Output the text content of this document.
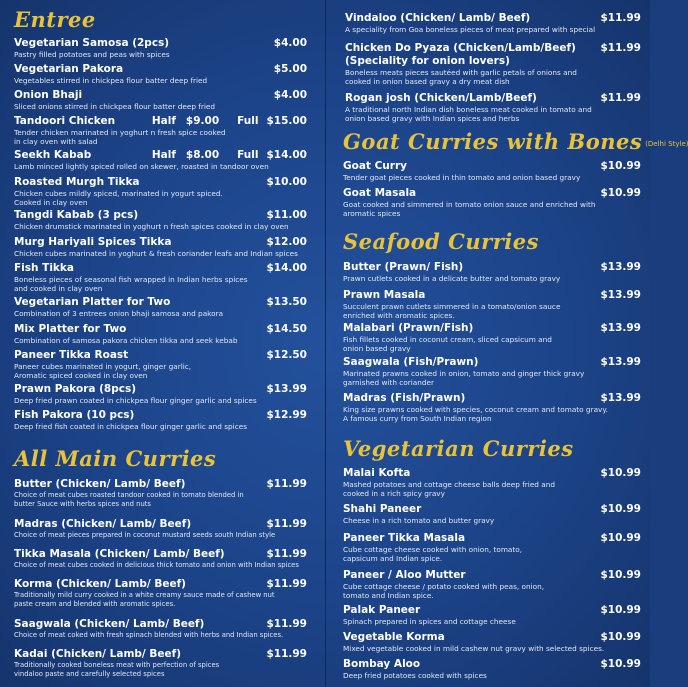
Entree
Vegetarian Samosa (2pcs)	$4.00
Pastry filled potatoes and peas with spices
Vegetarian Pakora	$5.00
Vegetables stirred in chickpea flour batter deep fried
Onion Bhaji	$4.00
Sliced onions stirred in chickpea flour batter deep fried
Tandoori Chicken	Half $9.00 Full $15.00
Tender chicken marinated in yoghurt n fresh spice cooked
in clay oven with salad
Seekh Kabab	Half $8.00 Full $14.00
Lamb minced lightly spiced rolled on skewer, roasted in tandoor oven
Roasted Murgh Tikka	$10.00
Chicken cubes mildly spiced, marinated in yogurt spiced.
Cooked in clay oven
Tangdi Kabab (3 pcs)	$11.00
Chicken drumstick marinated in yoghurt n fresh spices cooked in clay oven
Murg Hariyali Spices Tikka	$12.00
Chicken cubes marinated in yoghurt & fresh coriander leafs and Indian spices
Fish Tikka	$14.00
Boneless pieces of seasonal fish wrapped in Indian herbs spices
and cooked in clay oven
Vegetarian Platter for Two	$13.50
Combination of 3 entrees onion bhaji samosa and pakora
Mix Platter for Two	$14.50
Combination of samosa pakora chicken tikka and seek kebab
Paneer Tikka Roast	$12.50
Paneer cubes marinated in yogurt, ginger garlic,
Aromatic spiced cooked in clay oven
Prawn Pakora (8pcs)	$13.99
Deep fried prawn coated in chickpea flour ginger garlic and spices
Fish Pakora (10 pcs)	$12.99
Deep fried fish coated in chickpea flour ginger garlic and spices
All Main Curries
Butter (Chicken/ Lamb/ Beef)	$11.99
Choice of meat cubes roasted tandoor cooked in tomato blended in
butter Sauce with herbs spices and nuts
Madras (Chicken/ Lamb/ Beef)	$11.99
Choice of meat pieces prepared in coconut mustard seeds south Indian style
Tikka Masala (Chicken/ Lamb/ Beef)	$11.99
Choice of meat cubes cooked in delicious thick tomato and onion with Indian spices
Korma (Chicken/ Lamb/ Beef)	$11.99
Traditionally mild curry cooked in a white creamy sauce made of cashew nut
paste cream and blended with aromatic spices.
Saagwala (Chicken/ Lamb/ Beef)	$11.99
Choice of meat coked with fresh spinach blended with herbs and Indian spices.
Kadai (Chicken/ Lamb/ Beef)	$11.99
Traditionally cooked boneless meat with perfection of spices
vindaloo paste and carefully selected spices
Vindaloo (Chicken/ Lamb/ Beef)	$11.99
A speciality from Goa boneless pieces of meat prepared with special
Chicken Do Pyaza (Chicken/Lamb/Beef)	$11.99
(Speciality for onion lovers)
Boneless meats pieces sautéed with garlic petals of onions and
cooked in onion based gravy a dry meat dish
Rogan josh (Chicken/Lamb/Beef)	$11.99
A traditional north Indian dish boneless meat cooked in tomato and
onion based gravy with Indian spices and herbs
Goat Curries with Bones (Delhi Style)
Goat Curry	$10.99
Tender goat pieces cooked in thin tomato and onion based gravy
Goat Masala	$10.99
Goat cooked and simmered in tomato onion sauce and enriched with
aromatic spices
Seafood Curries
Butter (Prawn/ Fish)	$13.99
Prawn cutlets cooked in a delicate butter and tomato gravy
Prawn Masala	$13.99
Succulent prawn cutlets simmered in a tomato/onion sauce
enriched with aromatic spices.
Malabari (Prawn/Fish)	$13.99
Fish fillets cooked in coconut cream, sliced capsicum and
onion based gravy
Saagwala (Fish/Prawn)	$13.99
Marinated prawns cooked in onion, tomato and ginger thick gravy
garnished with coriander
Madras (Fish/Prawn)	$13.99
King size prawns cooked with species, coconut cream and tomato gravy.
A famous curry from South Indian region
Vegetarian Curries
Malai Kofta	$10.99
Mashed potatoes and cottage cheese balls deep fried and
cooked in a rich spicy gravy
Shahi Paneer	$10.99
Cheese in a rich tomato and butter gravy
Paneer Tikka Masala	$10.99
Cube cottage cheese cooked with onion, tomato,
capsicum and Indian spice.
Paneer / Aloo Mutter	$10.99
Cube cottage cheese / potato cooked with peas, onion,
tomato and Indian spice.
Palak Paneer	$10.99
Spinach prepared in spices and cottage cheese
Vegetable Korma	$10.99
Mixed vegetable cooked in mild cashew nut gravy with selected spices.
Bombay Aloo	$10.99
Deep fried potatoes cooked with spices
